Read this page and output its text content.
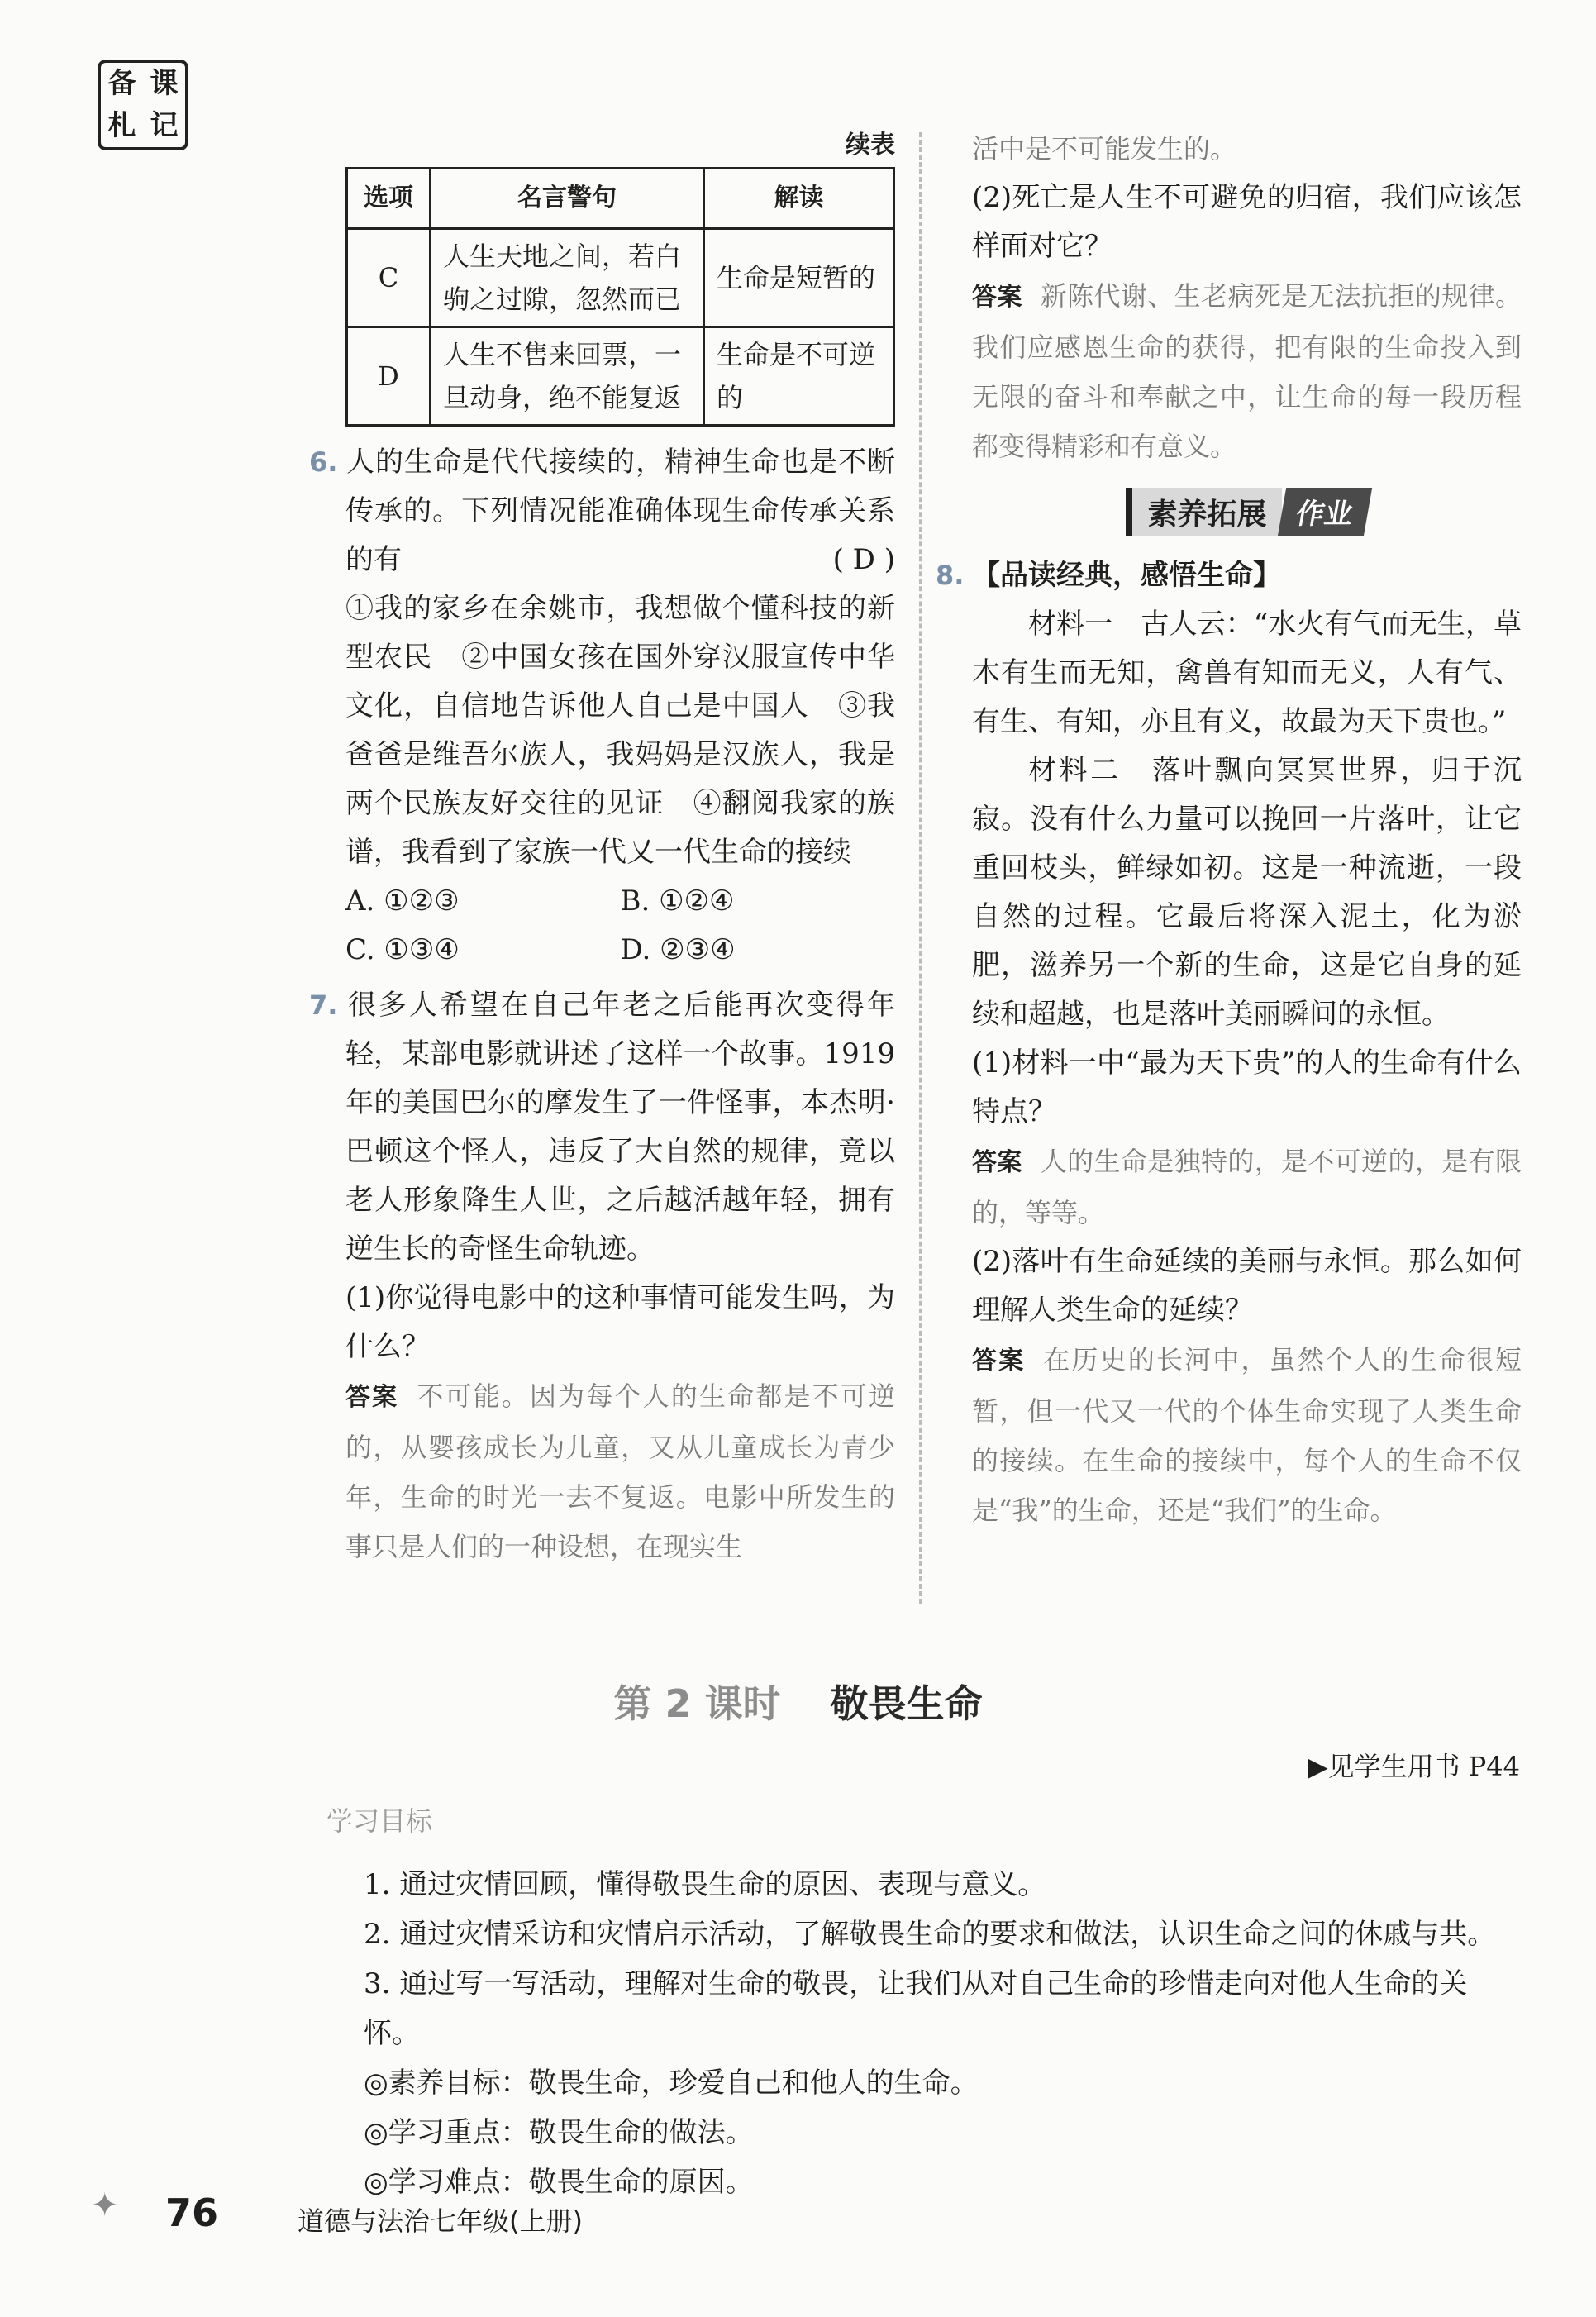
备 课
札 记

续表

选项	名言警句	解读
C	人生天地之间，若白驹之过隙，忽然而已	生命是短暂的
D	人生不售来回票，一旦动身，绝不能复返	生命是不可逆的

6. 人的生命是代代接续的，精神生命也是不断传承的。下列情况能准确体现生命传承关系的有	( D )

①我的家乡在余姚市，我想做个懂科技的新型农民　②中国女孩在国外穿汉服宣传中华文化，自信地告诉他人自己是中国人　③我爸爸是维吾尔族人，我妈妈是汉族人，我是两个民族友好交往的见证　④翻阅我家的族谱，我看到了家族一代又一代生命的接续

A. ①②③	B. ①②④
C. ①③④	D. ②③④

7. 很多人希望在自己年老之后能再次变得年轻，某部电影就讲述了这样一个故事。1919年的美国巴尔的摩发生了一件怪事，本杰明·巴顿这个怪人，违反了大自然的规律，竟以老人形象降生人世，之后越活越年轻，拥有逆生长的奇怪生命轨迹。

(1)你觉得电影中的这种事情可能发生吗，为什么？

答案 不可能。因为每个人的生命都是不可逆的，从婴孩成长为儿童，又从儿童成长为青少年，生命的时光一去不复返。电影中所发生的事只是人们的一种设想，在现实生

活中是不可能发生的。

(2)死亡是人生不可避免的归宿，我们应该怎样面对它？

答案 新陈代谢、生老病死是无法抗拒的规律。我们应感恩生命的获得，把有限的生命投入到无限的奋斗和奉献之中，让生命的每一段历程都变得精彩和有意义。

素养拓展 作业

8. 【品读经典，感悟生命】

材料一　古人云：“水火有气而无生，草木有生而无知，禽兽有知而无义，人有气、有生、有知，亦且有义，故最为天下贵也。”

材料二　落叶飘向冥冥世界，归于沉寂。没有什么力量可以挽回一片落叶，让它重回枝头，鲜绿如初。这是一种流逝，一段自然的过程。它最后将深入泥土，化为淤肥，滋养另一个新的生命，这是它自身的延续和超越，也是落叶美丽瞬间的永恒。

(1)材料一中“最为天下贵”的人的生命有什么特点？

答案 人的生命是独特的，是不可逆的，是有限的，等等。

(2)落叶有生命延续的美丽与永恒。那么如何理解人类生命的延续？

答案 在历史的长河中，虽然个人的生命很短暂，但一代又一代的个体生命实现了人类生命的接续。在生命的接续中，每个人的生命不仅是“我”的生命，还是“我们”的生命。

第 2 课时 敬畏生命
▶见学生用书 P44
学习目标

1. 通过灾情回顾，懂得敬畏生命的原因、表现与意义。

2. 通过灾情采访和灾情启示活动，了解敬畏生命的要求和做法，认识生命之间的休戚与共。

3. 通过写一写活动，理解对生命的敬畏，让我们从对自己生命的珍惜走向对他人生命的关怀。

◎素养目标：敬畏生命，珍爱自己和他人的生命。

◎学习重点：敬畏生命的做法。

◎学习难点：敬畏生命的原因。

✦ 76	道德与法治七年级(上册)
